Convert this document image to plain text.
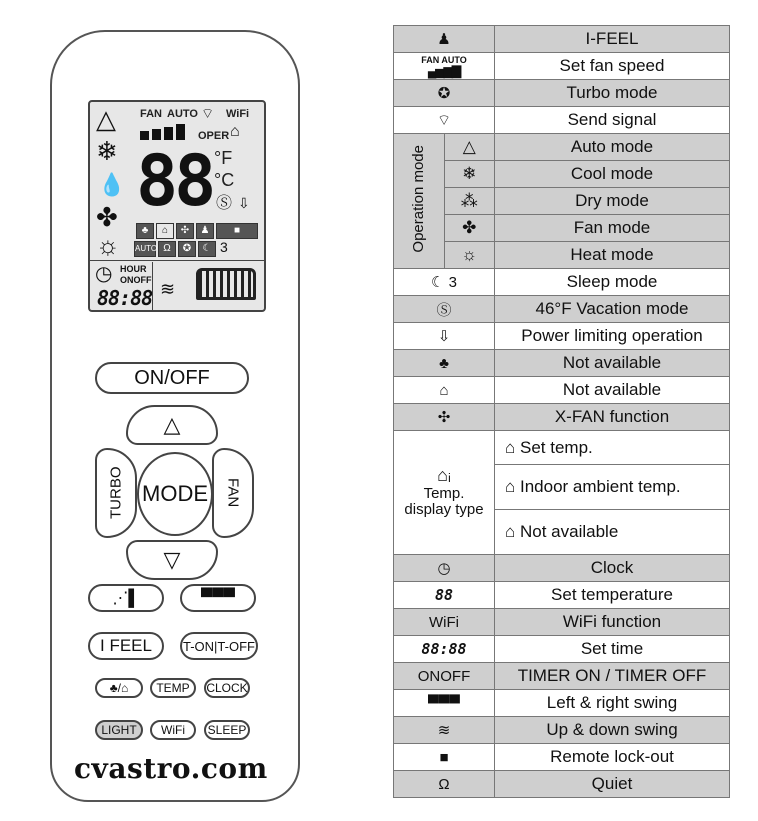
△
❄
💧
✤
☼
FAN AUTO ⌔ WiFi
OPER ⌂
88 °F
°C
Ⓢ ⇩
♣	⌂	✣	♟	■
AUTO Ω	✪	☾ 3
◷ HOUR
ONOFF
88:88 ≋
ON/OFF
△
▽
TURBO	FAN
MODE
⋰▌	▀▀▀
I FEEL	T-ON|T-OFF
♣/⌂	TEMP	CLOCK
LIGHT	WiFi	SLEEP
cvastro.com
♟		I-FEEL
FAN AUTO
▄▅▆▇		Set fan speed
✪		Turbo mode
⌔		Send signal
Operation mode	△	Auto mode
	❄	Cool mode
	⁂	Dry mode
	✤	Fan mode
	☼	Heat mode
☾ 3		Sleep mode
Ⓢ		46°F Vacation mode
⇩		Power limiting operation
♣		Not available
⌂		Not available
✣		X-FAN function

⌂ᵢ
Temp.
display type		⌂ Set temp.
		⌂ Indoor ambient temp.
		⌂ Not available
◷		Clock
88		Set temperature
WiFi		WiFi function
88:88		Set time
ONOFF		TIMER ON / TIMER OFF
▀▀▀		Left & right swing
≋		Up & down swing
■		Remote lock-out
Ω		Quiet
